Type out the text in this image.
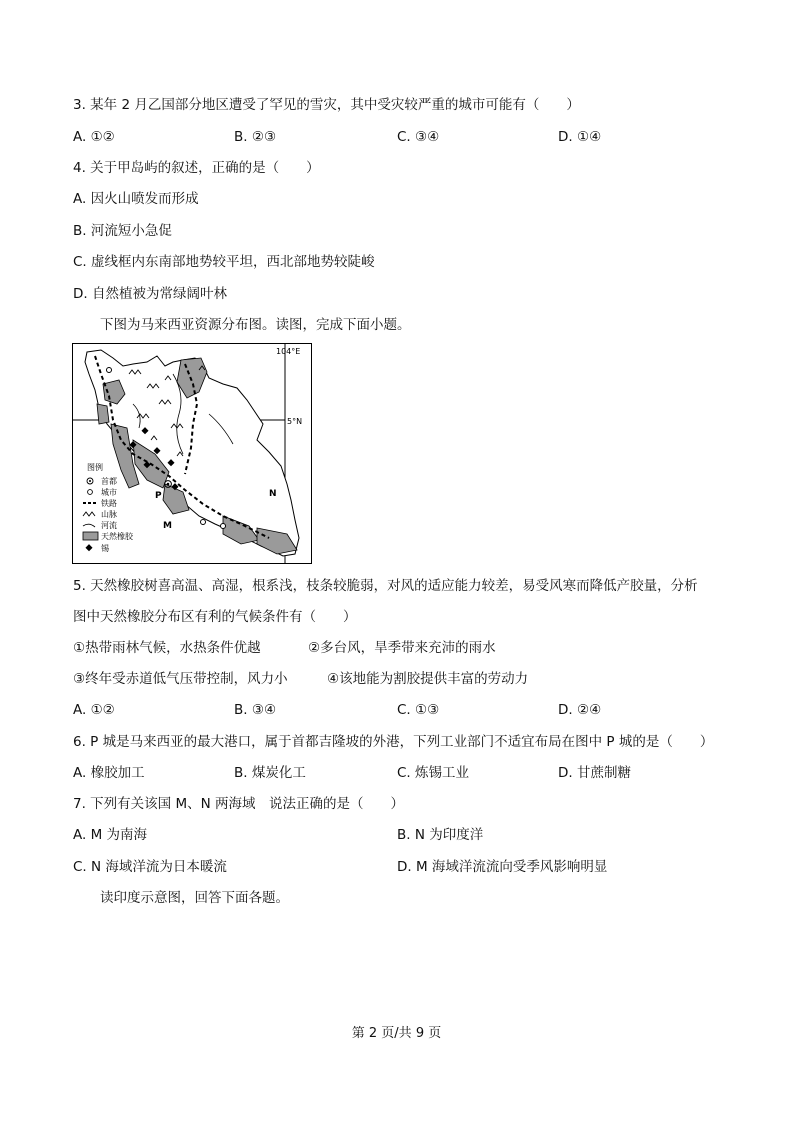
3. 某年 2 月乙国部分地区遭受了罕见的雪灾，其中受灾较严重的城市可能有（　　）
A. ①②	B. ②③	C. ③④	D. ①④
4. 关于甲岛屿的叙述，正确的是（　　）
A. 因火山喷发而形成
B. 河流短小急促
C. 虚线框内东南部地势较平坦，西北部地势较陡峻
D. 自然植被为常绿阔叶林
下图为马来西亚资源分布图。读图，完成下面小题。
104°E
5°N
P
M
N
图例
首都
城市
铁路
山脉
河流
天然橡胶
锡
5. 天然橡胶树喜高温、高湿，根系浅，枝条较脆弱，对风的适应能力较差，易受风寒而降低产胶量，分析
图中天然橡胶分布区有利的气候条件有（　　）
①热带雨林气候，水热条件优越	②多台风，旱季带来充沛的雨水
③终年受赤道低气压带控制，风力小	④该地能为割胶提供丰富的劳动力
A. ①②	B. ③④	C. ①③	D. ②④
6. P 城是马来西亚的最大港口，属于首都吉隆坡的外港，下列工业部门不适宜布局在图中 P 城的是（　　）
A. 橡胶加工	B. 煤炭化工	C. 炼锡工业	D. 甘蔗制糖
7. 下列有关该国 M、N 两海域　说法正确的是（　　）
A. M 为南海	B. N 为印度洋
C. N 海域洋流为日本暖流	D. M 海域洋流流向受季风影响明显
读印度示意图，回答下面各题。
第 2 页/共 9 页
